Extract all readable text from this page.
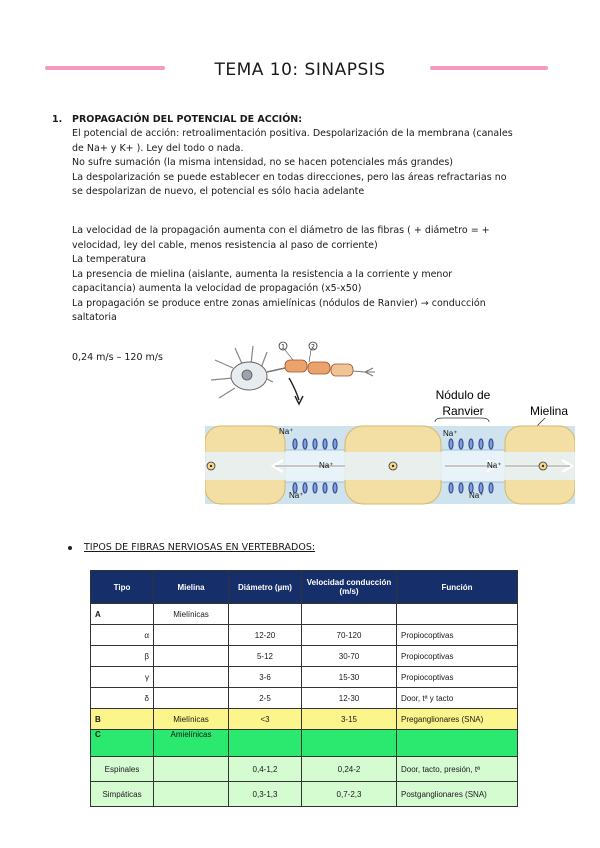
TEMA 10: SINAPSIS
1. PROPAGACIÓN DEL POTENCIAL DE ACCIÓN:
El potencial de acción: retroalimentación positiva. Despolarización de la membrana (canales
de Na+ y K+ ). Ley del todo o nada.
No sufre sumación (la misma intensidad, no se hacen potenciales más grandes)
La despolarización se puede establecer en todas direcciones, pero las áreas refractarias no
se despolarizan de nuevo, el potencial es sólo hacia adelante
La velocidad de la propagación aumenta con el diámetro de las fibras ( + diámetro = +
velocidad, ley del cable, menos resistencia al paso de corriente)
La temperatura
La presencia de mielina (aislante, aumenta la resistencia a la corriente y menor
capacitancia) aumenta la velocidad de propagación (x5-x50)
La propagación se produce entre zonas amielínicas (nódulos de Ranvier) → conducción
saltatoria
0,24 m/s – 120 m/s
1	2
Nódulo de
Ranvier	Mielina
Na⁺
Na⁺
Na⁺
Na⁺
Na⁺
Na⁺
TIPOS DE FIBRAS NERVIOSAS EN VERTEBRADOS:
Tipo	Mielina	Diámetro (µm)	Velocidad conducción (m/s)	Función
A	Mielínicas			
α		12-20	70-120	Propiocoptivas
β		5-12	30-70	Propiocoptivas
γ		3-6	15-30	Propiocoptivas
δ		2-5	12-30	Door, tª y tacto
B	Mielínicas	<3	3-15	Preganglionares (SNA)
C	Amielínicas			
Espinales		0,4-1,2	0,24-2	Door, tacto, presión, tª
Simpáticas		0,3-1,3	0,7-2,3	Postganglionares (SNA)
